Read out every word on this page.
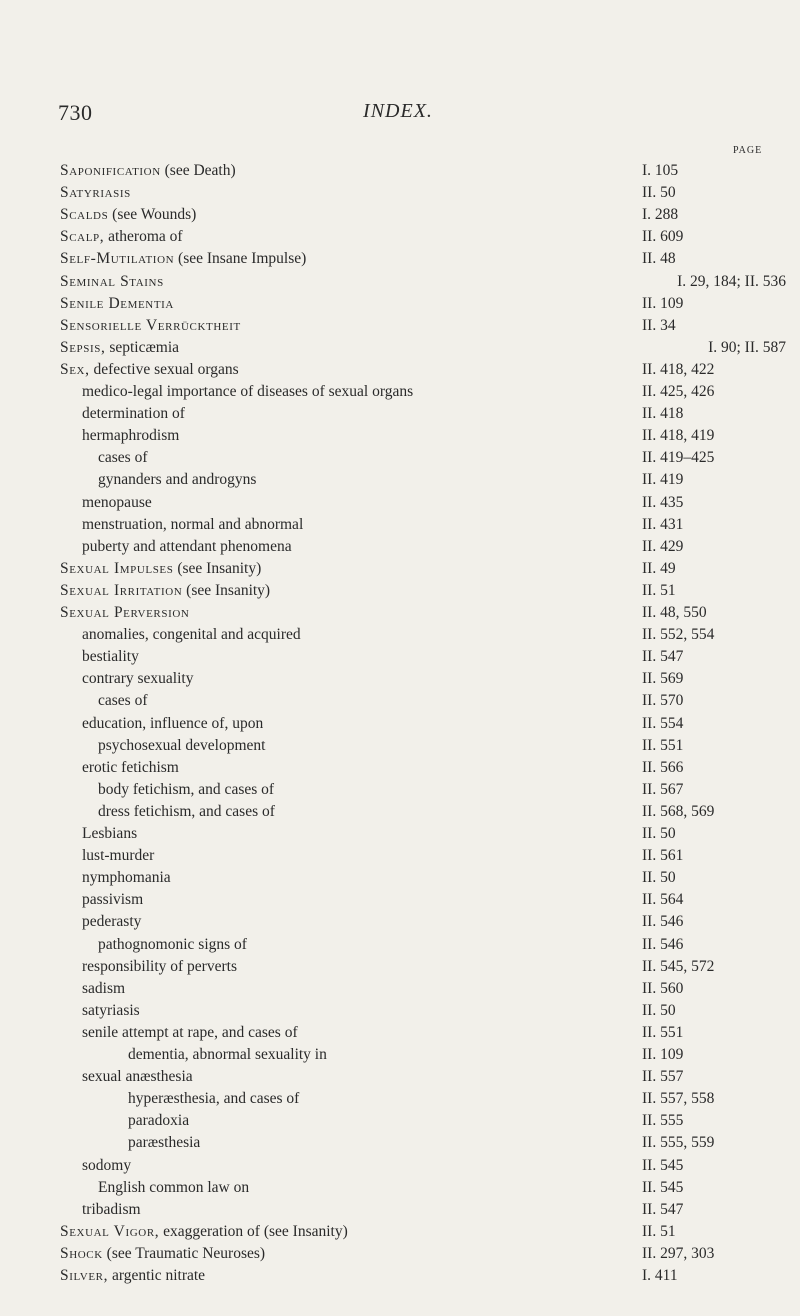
730	INDEX.
PAGE
Saponification (see Death)	I. 105
Satyriasis	II. 50
Scalds (see Wounds)	I. 288
Scalp, atheroma of	II. 609
Self-Mutilation (see Insane Impulse)	II. 48
Seminal Stains	I. 29, 184; II. 536
Senile Dementia	II. 109
Sensorielle Verrücktheit	II. 34
Sepsis, septicæmia	I. 90; II. 587
Sex, defective sexual organs	II. 418, 422
medico-legal importance of diseases of sexual organs	II. 425, 426
determination of	II. 418
hermaphrodism	II. 418, 419
cases of	II. 419–425
gynanders and androgyns	II. 419
menopause	II. 435
menstruation, normal and abnormal	II. 431
puberty and attendant phenomena	II. 429
Sexual Impulses (see Insanity)	II. 49
Sexual Irritation (see Insanity)	II. 51
Sexual Perversion	II. 48, 550
anomalies, congenital and acquired	II. 552, 554
bestiality	II. 547
contrary sexuality	II. 569
cases of	II. 570
education, influence of, upon	II. 554
psychosexual development	II. 551
erotic fetichism	II. 566
body fetichism, and cases of	II. 567
dress fetichism, and cases of	II. 568, 569
Lesbians	II. 50
lust-murder	II. 561
nymphomania	II. 50
passivism	II. 564
pederasty	II. 546
pathognomonic signs of	II. 546
responsibility of perverts	II. 545, 572
sadism	II. 560
satyriasis	II. 50
senile attempt at rape, and cases of	II. 551
dementia, abnormal sexuality in	II. 109
sexual anæsthesia	II. 557
hyperæsthesia, and cases of	II. 557, 558
paradoxia	II. 555
paræsthesia	II. 555, 559
sodomy	II. 545
English common law on	II. 545
tribadism	II. 547
Sexual Vigor, exaggeration of (see Insanity)	II. 51
Shock (see Traumatic Neuroses)	II. 297, 303
Silver, argentic nitrate	I. 411
